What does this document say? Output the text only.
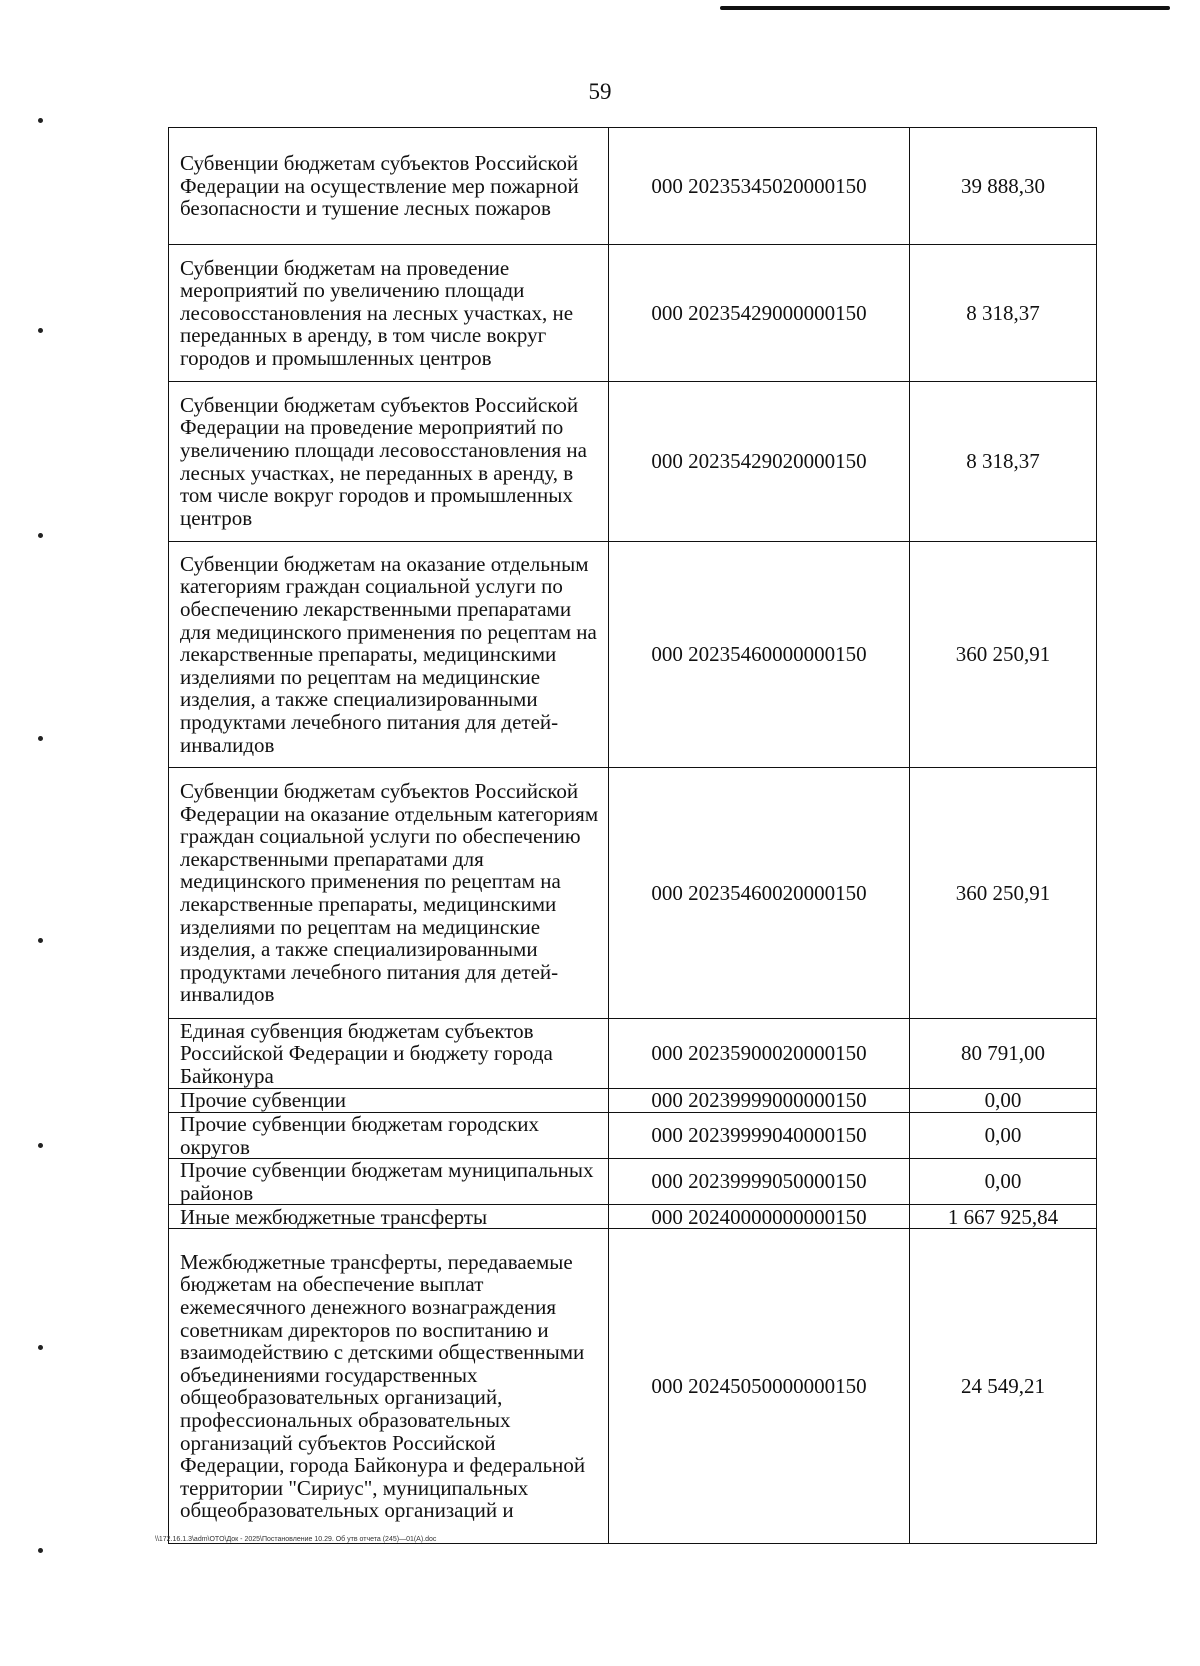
59
Субвенции бюджетам субъектов Российской Федерации на осуществление мер пожарной безопасности и тушение лесных пожаров	000 20235345020000150	39 888,30
Субвенции бюджетам на проведение мероприятий по увеличению площади лесовосстановления на лесных участках, не переданных в аренду, в том числе вокруг городов и промышленных центров	000 20235429000000150	8 318,37
Субвенции бюджетам субъектов Российской Федерации на проведение мероприятий по увеличению площади лесовосстановления на лесных участках, не переданных в аренду, в том числе вокруг городов и промышленных центров	000 20235429020000150	8 318,37
Субвенции бюджетам на оказание отдельным категориям граждан социальной услуги по обеспечению лекарственными препаратами для медицинского применения по рецептам на лекарственные препараты, медицинскими изделиями по рецептам на медицинские изделия, а также специализированными продуктами лечебного питания для детей-инвалидов	000 20235460000000150	360 250,91
Субвенции бюджетам субъектов Российской Федерации на оказание отдельным категориям граждан социальной услуги по обеспечению лекарственными препаратами для медицинского применения по рецептам на лекарственные препараты, медицинскими изделиями по рецептам на медицинские изделия, а также специализированными продуктами лечебного питания для детей-инвалидов	000 20235460020000150	360 250,91
Единая субвенция бюджетам субъектов Российской Федерации и бюджету города Байконура	000 20235900020000150	80 791,00
Прочие субвенции	000 20239999000000150	0,00
Прочие субвенции бюджетам городских округов	000 20239999040000150	0,00
Прочие субвенции бюджетам муниципальных районов	000 20239999050000150	0,00
Иные межбюджетные трансферты	000 20240000000000150	1 667 925,84
Межбюджетные трансферты, передаваемые бюджетам на обеспечение выплат ежемесячного денежного вознаграждения советникам директоров по воспитанию и взаимодействию с детскими общественными объединениями государственных общеобразовательных организаций, профессиональных образовательных организаций субъектов Российской Федерации, города Байконура и федеральной территории "Сириус", муниципальных общеобразовательных организаций и	000 20245050000000150	24 549,21
\\172.16.1.3\adm\OTO\Док - 2025\Постановление 10.29. Об утв отчета (245)—01(А).doc
